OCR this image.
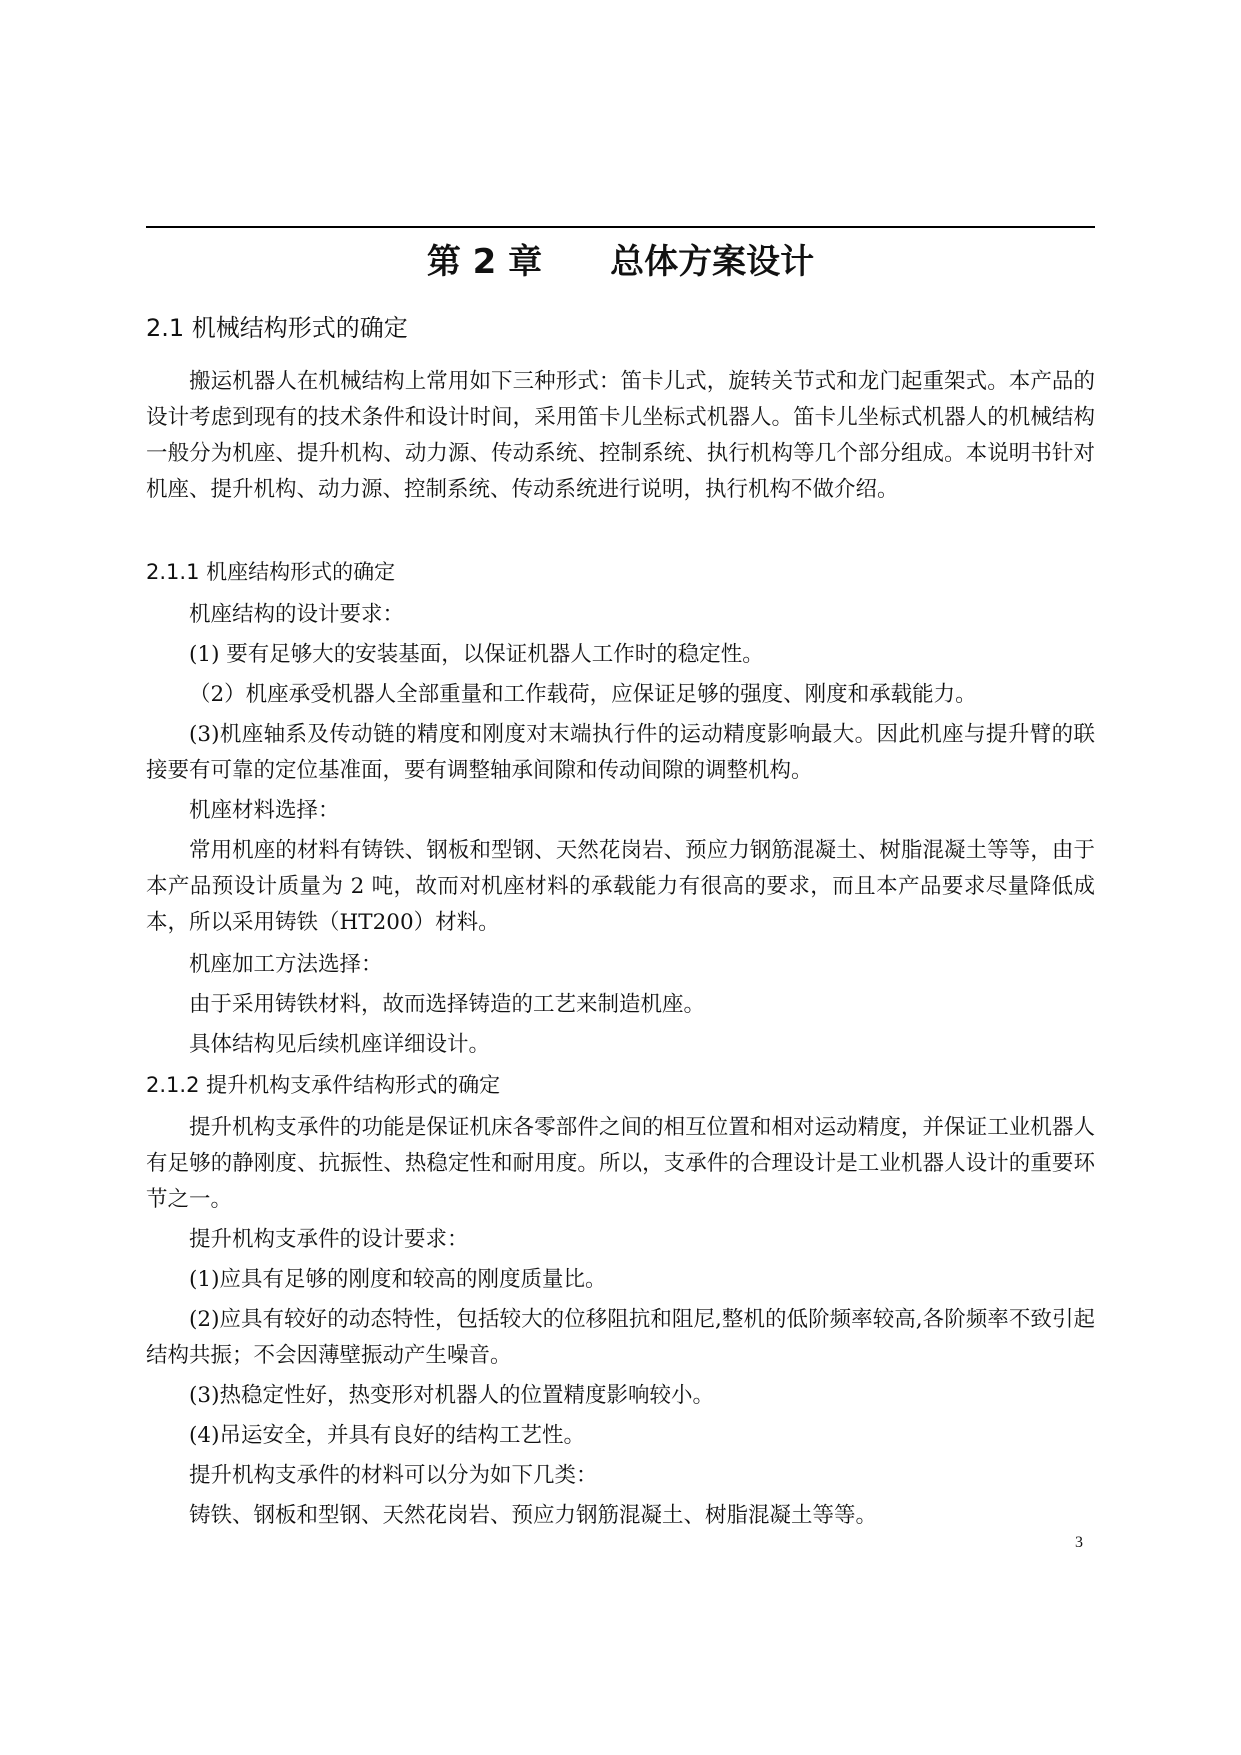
第 2 章　　总体方案设计
2.1 机械结构形式的确定
搬运机器人在机械结构上常用如下三种形式：笛卡儿式，旋转关节式和龙门起重架式。本产品的设计考虑到现有的技术条件和设计时间，采用笛卡儿坐标式机器人。笛卡儿坐标式机器人的机械结构一般分为机座、提升机构、动力源、传动系统、控制系统、执行机构等几个部分组成。本说明书针对机座、提升机构、动力源、控制系统、传动系统进行说明，执行机构不做介绍。
2.1.1 机座结构形式的确定
机座结构的设计要求：
(1) 要有足够大的安装基面，以保证机器人工作时的稳定性。
（2）机座承受机器人全部重量和工作载荷，应保证足够的强度、刚度和承载能力。
(3)机座轴系及传动链的精度和刚度对末端执行件的运动精度影响最大。因此机座与提升臂的联接要有可靠的定位基准面，要有调整轴承间隙和传动间隙的调整机构。
机座材料选择：
常用机座的材料有铸铁、钢板和型钢、天然花岗岩、预应力钢筋混凝土、树脂混凝土等等，由于本产品预设计质量为 2 吨，故而对机座材料的承载能力有很高的要求，而且本产品要求尽量降低成本，所以采用铸铁（HT200）材料。
机座加工方法选择：
由于采用铸铁材料，故而选择铸造的工艺来制造机座。
具体结构见后续机座详细设计。
2.1.2 提升机构支承件结构形式的确定
提升机构支承件的功能是保证机床各零部件之间的相互位置和相对运动精度，并保证工业机器人有足够的静刚度、抗振性、热稳定性和耐用度。所以，支承件的合理设计是工业机器人设计的重要环节之一。
提升机构支承件的设计要求：
(1)应具有足够的刚度和较高的刚度质量比。
(2)应具有较好的动态特性，包括较大的位移阻抗和阻尼,整机的低阶频率较高,各阶频率不致引起结构共振；不会因薄壁振动产生噪音。
(3)热稳定性好，热变形对机器人的位置精度影响较小。
(4)吊运安全，并具有良好的结构工艺性。
提升机构支承件的材料可以分为如下几类：
铸铁、钢板和型钢、天然花岗岩、预应力钢筋混凝土、树脂混凝土等等。
3
